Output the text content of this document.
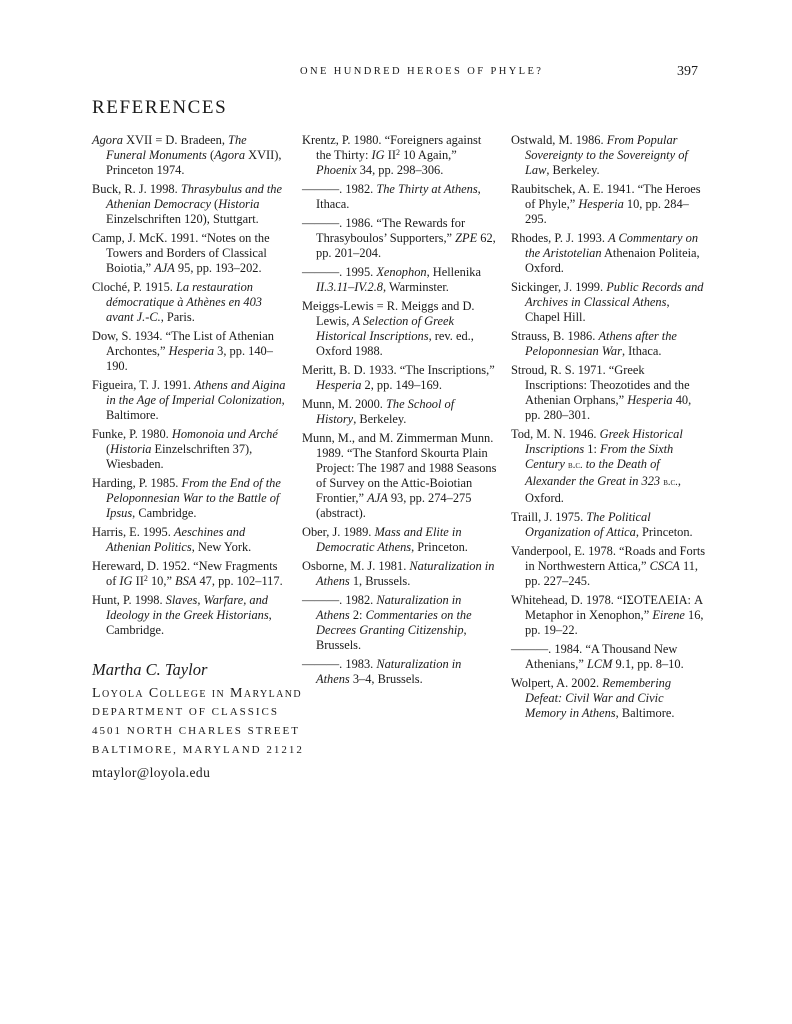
ONE HUNDRED HEROES OF PHYLE?	397
REFERENCES

Agora XVII = D. Bradeen, The Funeral Monuments (Agora XVII), Princeton 1974.

Buck, R. J. 1998. Thrasybulus and the Athenian Democracy (Historia Einzelschriften 120), Stuttgart.

Camp, J. McK. 1991. “Notes on the Towers and Borders of Classical Boiotia,” AJA 95, pp. 193–202.

Cloché, P. 1915. La restauration démocratique à Athènes en 403 avant J.-C., Paris.

Dow, S. 1934. “The List of Athenian Archontes,” Hesperia 3, pp. 140–190.

Figueira, T. J. 1991. Athens and Aigina in the Age of Imperial Colonization, Baltimore.

Funke, P. 1980. Homonoia und Arché (Historia Einzelschriften 37), Wiesbaden.

Harding, P. 1985. From the End of the Peloponnesian War to the Battle of Ipsus, Cambridge.

Harris, E. 1995. Aeschines and Athenian Politics, New York.

Hereward, D. 1952. “New Fragments of IG $II^2$ 10,” BSA 47, pp. 102–117.

Hunt, P. 1998. Slaves, Warfare, and Ideology in the Greek Historians, Cambridge.

Krentz, P. 1980. “Foreigners against the Thirty: IG $II^2$ 10 Again,” Phoenix 34, pp. 298–306.

———. 1982. The Thirty at Athens, Ithaca.

———. 1986. “The Rewards for Thrasyboulos’ Supporters,” ZPE 62, pp. 201–204.

———. 1995. Xenophon, Hellenika II.3.11–IV.2.8, Warminster.

Meiggs-Lewis = R. Meiggs and D. Lewis, A Selection of Greek Historical Inscriptions, rev. ed., Oxford 1988.

Meritt, B. D. 1933. “The Inscriptions,” Hesperia 2, pp. 149–169.

Munn, M. 2000. The School of History, Berkeley.

Munn, M., and M. Zimmerman Munn. 1989. “The Stanford Skourta Plain Project: The 1987 and 1988 Seasons of Survey on the Attic-Boiotian Frontier,” AJA 93, pp. 274–275 (abstract).

Ober, J. 1989. Mass and Elite in Democratic Athens, Princeton.

Osborne, M. J. 1981. Naturalization in Athens 1, Brussels.

———. 1982. Naturalization in Athens 2: Commentaries on the Decrees Granting Citizenship, Brussels.

———. 1983. Naturalization in Athens 3–4, Brussels.

Ostwald, M. 1986. From Popular Sovereignty to the Sovereignty of Law, Berkeley.

Raubitschek, A. E. 1941. “The Heroes of Phyle,” Hesperia 10, pp. 284–295.

Rhodes, P. J. 1993. A Commentary on the Aristotelian Athenaion Politeia, Oxford.

Sickinger, J. 1999. Public Records and Archives in Classical Athens, Chapel Hill.

Strauss, B. 1986. Athens after the Peloponnesian War, Ithaca.

Stroud, R. S. 1971. “Greek Inscriptions: Theozotides and the Athenian Orphans,” Hesperia 40, pp. 280–301.

Tod, M. N. 1946. Greek Historical Inscriptions 1: From the Sixth Century b.c. to the Death of Alexander the Great in 323 b.c., Oxford.

Traill, J. 1975. The Political Organization of Attica, Princeton.

Vanderpool, E. 1978. “Roads and Forts in Northwestern Attica,” CSCA 11, pp. 227–245.

Whitehead, D. 1978. “ΙΣΟΤΕΛΕΙΑ: A Metaphor in Xenophon,” Eirene 16, pp. 19–22.

———. 1984. “A Thousand New Athenians,” LCM 9.1, pp. 8–10.

Wolpert, A. 2002. Remembering Defeat: Civil War and Civic Memory in Athens, Baltimore.

Martha C. Taylor

Loyola College in Maryland

DEPARTMENT OF CLASSICS

4501 NORTH CHARLES STREET

BALTIMORE, MARYLAND 21212

mtaylor@loyola.edu
